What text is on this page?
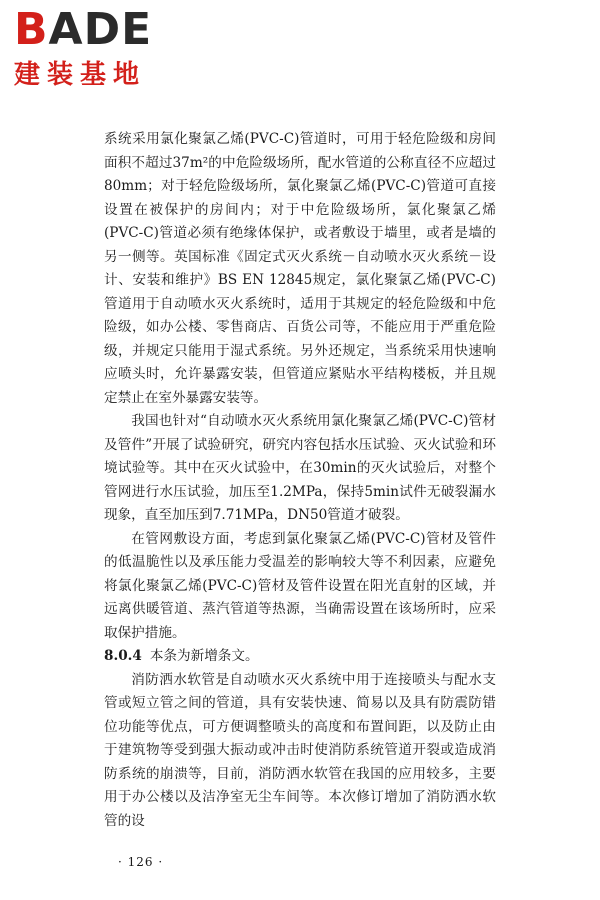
BADE
建装基地

系统采用氯化聚氯乙烯(PVC-C)管道时，可用于轻危险级和房间面积不超过37m²的中危险级场所，配水管道的公称直径不应超过80mm；对于轻危险级场所，氯化聚氯乙烯(PVC-C)管道可直接设置在被保护的房间内；对于中危险级场所，氯化聚氯乙烯(PVC-C)管道必须有绝缘体保护，或者敷设于墙里，或者是墙的另一侧等。英国标准《固定式灭火系统－自动喷水灭火系统－设计、安装和维护》BS EN 12845规定，氯化聚氯乙烯(PVC-C)管道用于自动喷水灭火系统时，适用于其规定的轻危险级和中危险级，如办公楼、零售商店、百货公司等，不能应用于严重危险级，并规定只能用于湿式系统。另外还规定，当系统采用快速响应喷头时，允许暴露安装，但管道应紧贴水平结构楼板，并且规定禁止在室外暴露安装等。

我国也针对“自动喷水灭火系统用氯化聚氯乙烯(PVC-C)管材及管件”开展了试验研究，研究内容包括水压试验、灭火试验和环境试验等。其中在灭火试验中，在30min的灭火试验后，对整个管网进行水压试验，加压至1.2MPa，保持5min试件无破裂漏水现象，直至加压到7.71MPa，DN50管道才破裂。

在管网敷设方面，考虑到氯化聚氯乙烯(PVC-C)管材及管件的低温脆性以及承压能力受温差的影响较大等不利因素，应避免将氯化聚氯乙烯(PVC-C)管材及管件设置在阳光直射的区域，并远离供暖管道、蒸汽管道等热源，当确需设置在该场所时，应采取保护措施。

8.0.4 本条为新增条文。

消防洒水软管是自动喷水灭火系统中用于连接喷头与配水支管或短立管之间的管道，具有安装快速、简易以及具有防震防错位功能等优点，可方便调整喷头的高度和布置间距，以及防止由于建筑物等受到强大振动或冲击时使消防系统管道开裂或造成消防系统的崩溃等，目前，消防洒水软管在我国的应用较多，主要用于办公楼以及洁净室无尘车间等。本次修订增加了消防洒水软管的设

· 126 ·
